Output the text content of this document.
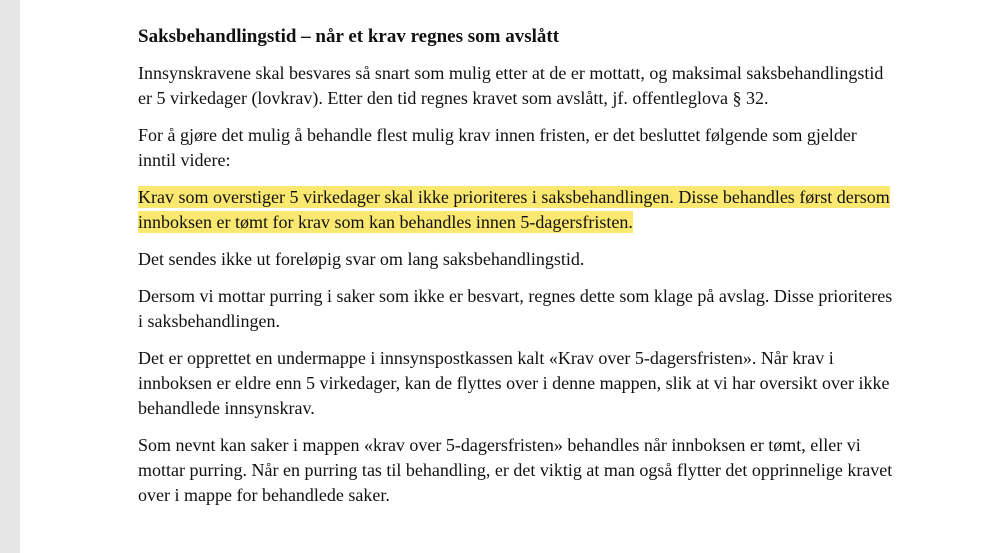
Saksbehandlingstid – når et krav regnes som avslått

Innsynskravene skal besvares så snart som mulig etter at de er mottatt, og maksimal saksbehandlingstid er 5 virkedager (lovkrav). Etter den tid regnes kravet som avslått, jf. offentleglova § 32.

For å gjøre det mulig å behandle flest mulig krav innen fristen, er det besluttet følgende som gjelder inntil videre:

Krav som overstiger 5 virkedager skal ikke prioriteres i saksbehandlingen. Disse behandles først dersom innboksen er tømt for krav som kan behandles innen 5-dagersfristen.

Det sendes ikke ut foreløpig svar om lang saksbehandlingstid.

Dersom vi mottar purring i saker som ikke er besvart, regnes dette som klage på avslag. Disse prioriteres i saksbehandlingen.

Det er opprettet en undermappe i innsynspostkassen kalt «Krav over 5-dagersfristen». Når krav i innboksen er eldre enn 5 virkedager, kan de flyttes over i denne mappen, slik at vi har oversikt over ikke behandlede innsynskrav.

Som nevnt kan saker i mappen «krav over 5-dagersfristen» behandles når innboksen er tømt, eller vi mottar purring. Når en purring tas til behandling, er det viktig at man også flytter det opprinnelige kravet over i mappe for behandlede saker.
